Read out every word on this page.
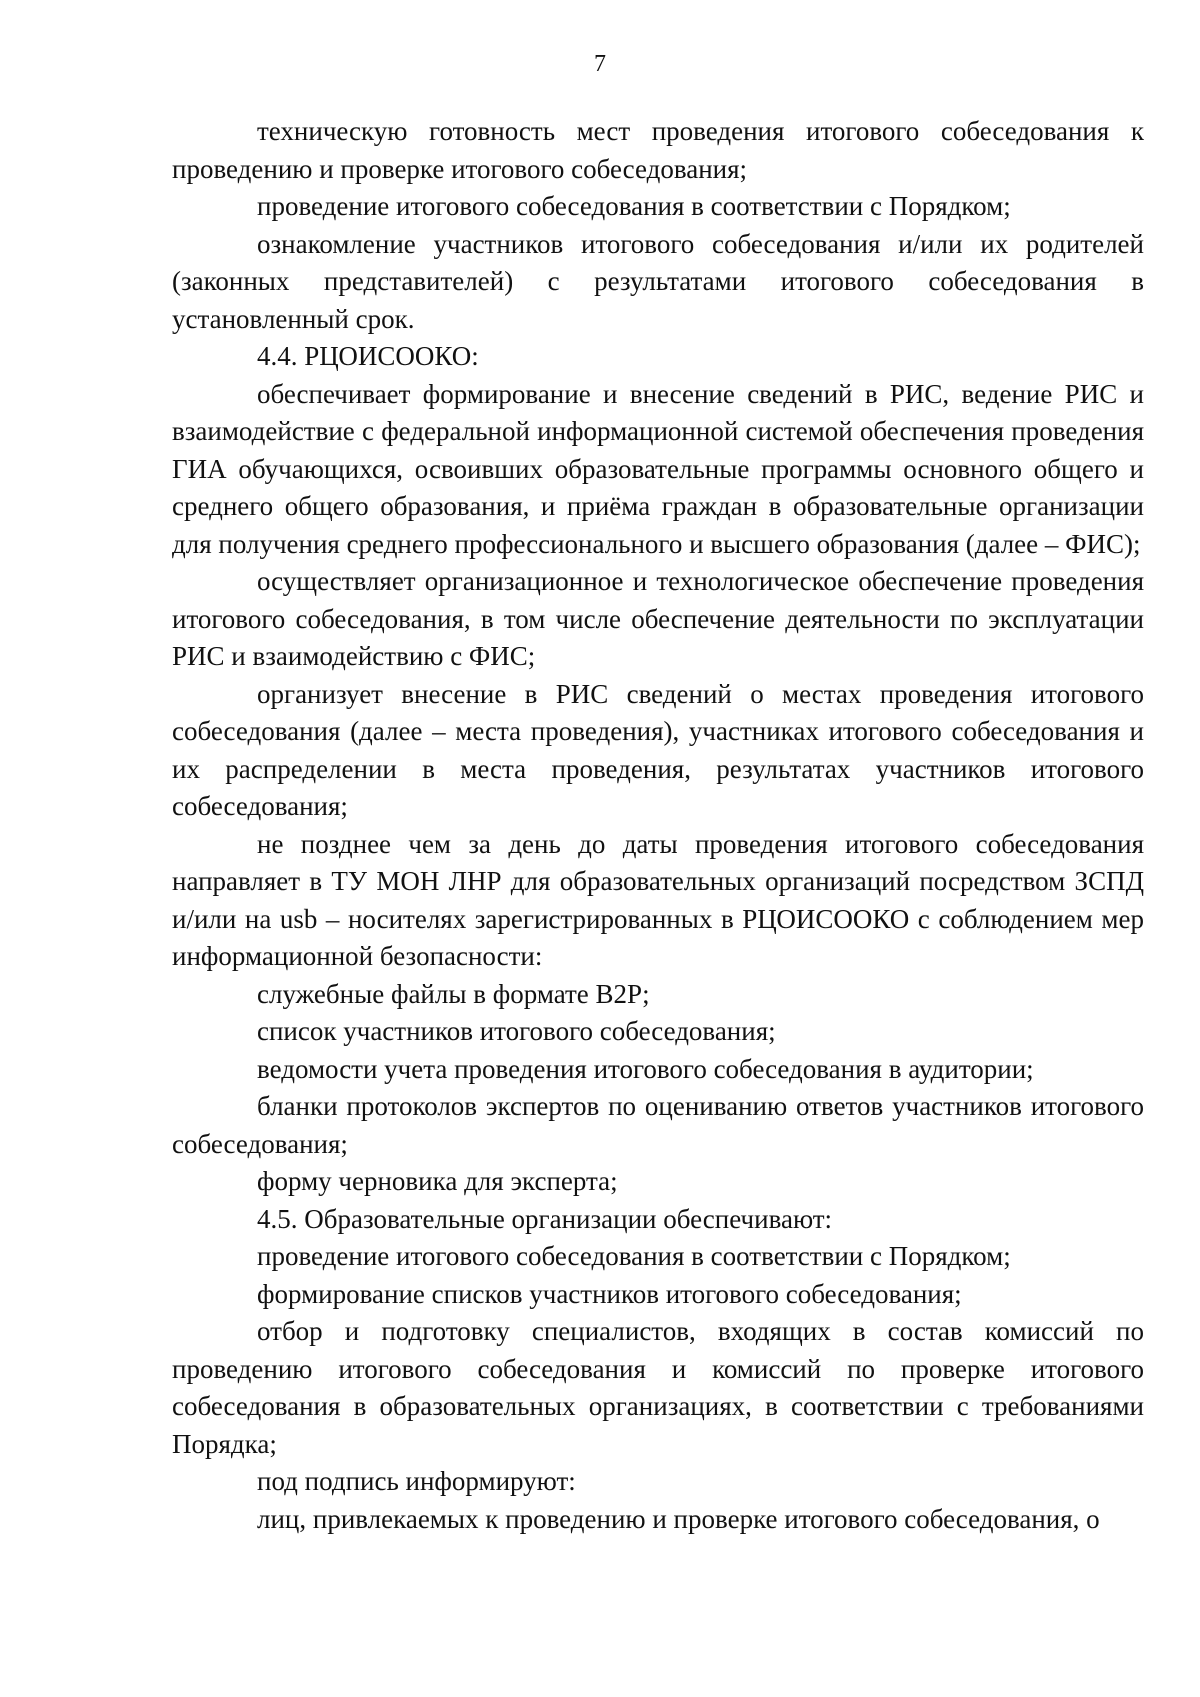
7

техническую готовность мест проведения итогового собеседования к проведению и проверке итогового собеседования;

проведение итогового собеседования в соответствии с Порядком;

ознакомление участников итогового собеседования и/или их родителей (законных представителей) с результатами итогового собеседования в установленный срок.

4.4. РЦОИСООКО:

обеспечивает формирование и внесение сведений в РИС, ведение РИС и взаимодействие с федеральной информационной системой обеспечения проведения ГИА обучающихся, освоивших образовательные программы основного общего и среднего общего образования, и приёма граждан в образовательные организации для получения среднего профессионального и высшего образования (далее – ФИС);

осуществляет организационное и технологическое обеспечение проведения итогового собеседования, в том числе обеспечение деятельности по эксплуатации РИС и взаимодействию с ФИС;

организует внесение в РИС сведений о местах проведения итогового собеседования (далее – места проведения), участниках итогового собеседования и их распределении в места проведения, результатах участников итогового собеседования;

не позднее чем за день до даты проведения итогового собеседования направляет в ТУ МОН ЛНР для образовательных организаций посредством ЗСПД и/или на usb – носителях зарегистрированных в РЦОИСООКО с соблюдением мер информационной безопасности:

служебные файлы в формате B2P;

список участников итогового собеседования;

ведомости учета проведения итогового собеседования в аудитории;

бланки протоколов экспертов по оцениванию ответов участников итогового собеседования;

форму черновика для эксперта;

4.5. Образовательные организации обеспечивают:

проведение итогового собеседования в соответствии с Порядком;

формирование списков участников итогового собеседования;

отбор и подготовку специалистов, входящих в состав комиссий по проведению итогового собеседования и комиссий по проверке итогового собеседования в образовательных организациях, в соответствии с требованиями Порядка;

под подпись информируют:

лиц, привлекаемых к проведению и проверке итогового собеседования, о
